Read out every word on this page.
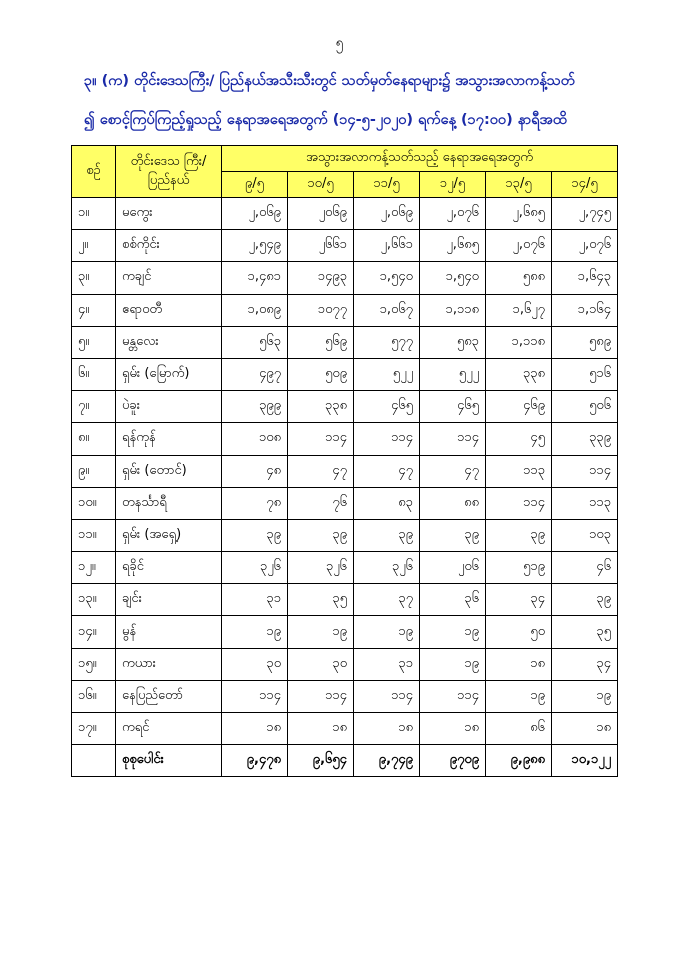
၅
၃။ (က) တိုင်းဒေသကြီး/ ပြည်နယ်အသီးသီးတွင် သတ်မှတ်နေရာများ၌ အသွားအလာကန့်သတ်
၍ စောင့်ကြပ်ကြည့်ရှုသည့် နေရာအရေအတွက် (၁၄-၅-၂၀၂၀) ရက်နေ့ (၁၇:၀၀) နာရီအထိ
စဉ်	တိုင်းဒေသ ကြီး/ ပြည်နယ်	အသွားအလာကန့်သတ်သည့် နေရာအရေအတွက်					
		၉/၅	၁၀/၅	၁၁/၅	၁၂/၅	၁၃/၅	၁၄/၅
၁။	မကွေး	၂,၀၆၉	၂၀၆၉	၂,၀၆၉	၂,၀၇၆	၂,၆၈၅	၂,၇၄၅
၂။	စစ်ကိုင်း	၂,၅၄၉	၂၆၆၁	၂,၆၆၁	၂,၆၈၅	၂,၀၇၆	၂,၀၇၆
၃။	ကချင်	၁,၄၈၁	၁၄၉၃	၁,၅၄၀	၁,၅၄၀	၅၈၈	၁,၆၄၃
၄။	ဧရာဝတီ	၁,၀၈၉	၁၀၇၇	၁,၀၆၇	၁,၁၁၈	၁,၆၂၇	၁,၁၆၄
၅။	မန္တလေး	၅၆၃	၅၆၉	၅၇၇	၅၈၃	၁,၁၁၈	၅၈၉
၆။	ရှမ်း (မြောက်)	၄၉၇	၅၀၉	၅၂၂	၅၂၂	၃၃၈	၅၁၆
၇။	ပဲခူး	၃၉၉	၃၃၈	၄၆၅	၄၆၅	၄၆၉	၅၀၆
၈။	ရန်ကုန်	၁၀၈	၁၁၄	၁၁၄	၁၁၄	၄၅	၃၃၉
၉။	ရှမ်း (တောင်)	၄၈	၄၇	၄၇	၄၇	၁၁၃	၁၁၄
၁၀။	တနင်္သာရီ	၇၈	၇၆	၈၃	၈၈	၁၁၄	၁၁၃
၁၁။	ရှမ်း (အရှေ့)	၃၉	၃၉	၃၉	၃၉	၃၉	၁၀၃
၁၂။	ရခိုင်	၃၂၆	၃၂၆	၃၂၆	၂၀၆	၅၁၉	၄၆
၁၃။	ချင်း	၃၁	၃၅	၃၇	၃၆	၃၄	၃၉
၁၄။	မွန်	၁၉	၁၉	၁၉	၁၉	၅၀	၃၅
၁၅။	ကယား	၃၀	၃၀	၃၁	၁၉	၁၈	၃၄
၁၆။	နေပြည်တော်	၁၁၄	၁၁၄	၁၁၄	၁၁၄	၁၉	၁၉
၁၇။	ကရင်	၁၈	၁၈	၁၈	၁၈	၈၆	၁၈
	စုစုပေါင်း	၉,၄၇၈	၉,၆၅၄	၉,၇၄၉	၉၇၀၉	၉,၉၈၈	၁၀,၁၂၂
